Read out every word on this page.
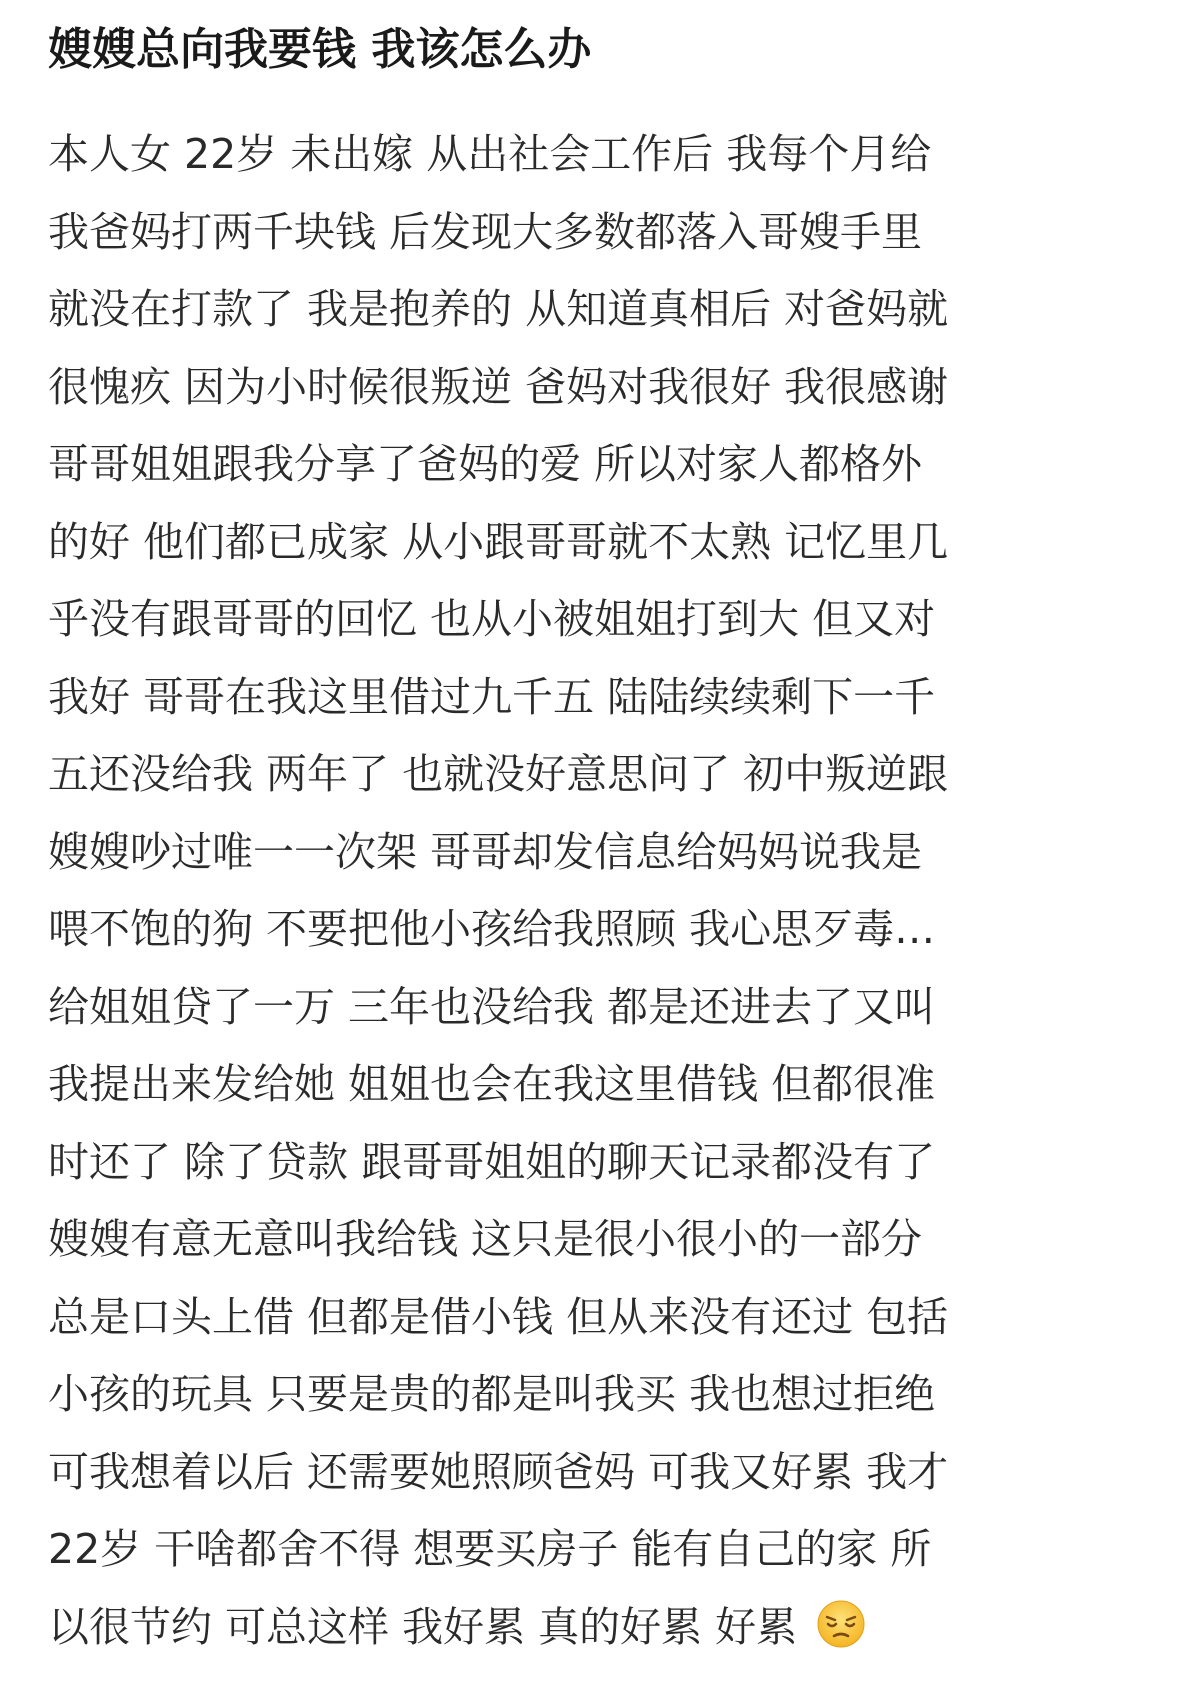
嫂嫂总向我要钱 我该怎么办
本人女 22岁 未出嫁 从出社会工作后 我每个月给
我爸妈打两千块钱 后发现大多数都落入哥嫂手里
就没在打款了 我是抱养的 从知道真相后 对爸妈就
很愧疚 因为小时候很叛逆 爸妈对我很好 我很感谢
哥哥姐姐跟我分享了爸妈的爱 所以对家人都格外
的好 他们都已成家 从小跟哥哥就不太熟 记忆里几
乎没有跟哥哥的回忆 也从小被姐姐打到大 但又对
我好 哥哥在我这里借过九千五 陆陆续续剩下一千
五还没给我 两年了 也就没好意思问了 初中叛逆跟
嫂嫂吵过唯一一次架 哥哥却发信息给妈妈说我是
喂不饱的狗 不要把他小孩给我照顾 我心思歹毒…
给姐姐贷了一万 三年也没给我 都是还进去了又叫
我提出来发给她 姐姐也会在我这里借钱 但都很准
时还了 除了贷款 跟哥哥姐姐的聊天记录都没有了
嫂嫂有意无意叫我给钱 这只是很小很小的一部分
总是口头上借 但都是借小钱 但从来没有还过 包括
小孩的玩具 只要是贵的都是叫我买 我也想过拒绝
可我想着以后 还需要她照顾爸妈 可我又好累 我才
22岁 干啥都舍不得 想要买房子 能有自己的家 所
以很节约 可总这样 我好累 真的好累 好累
